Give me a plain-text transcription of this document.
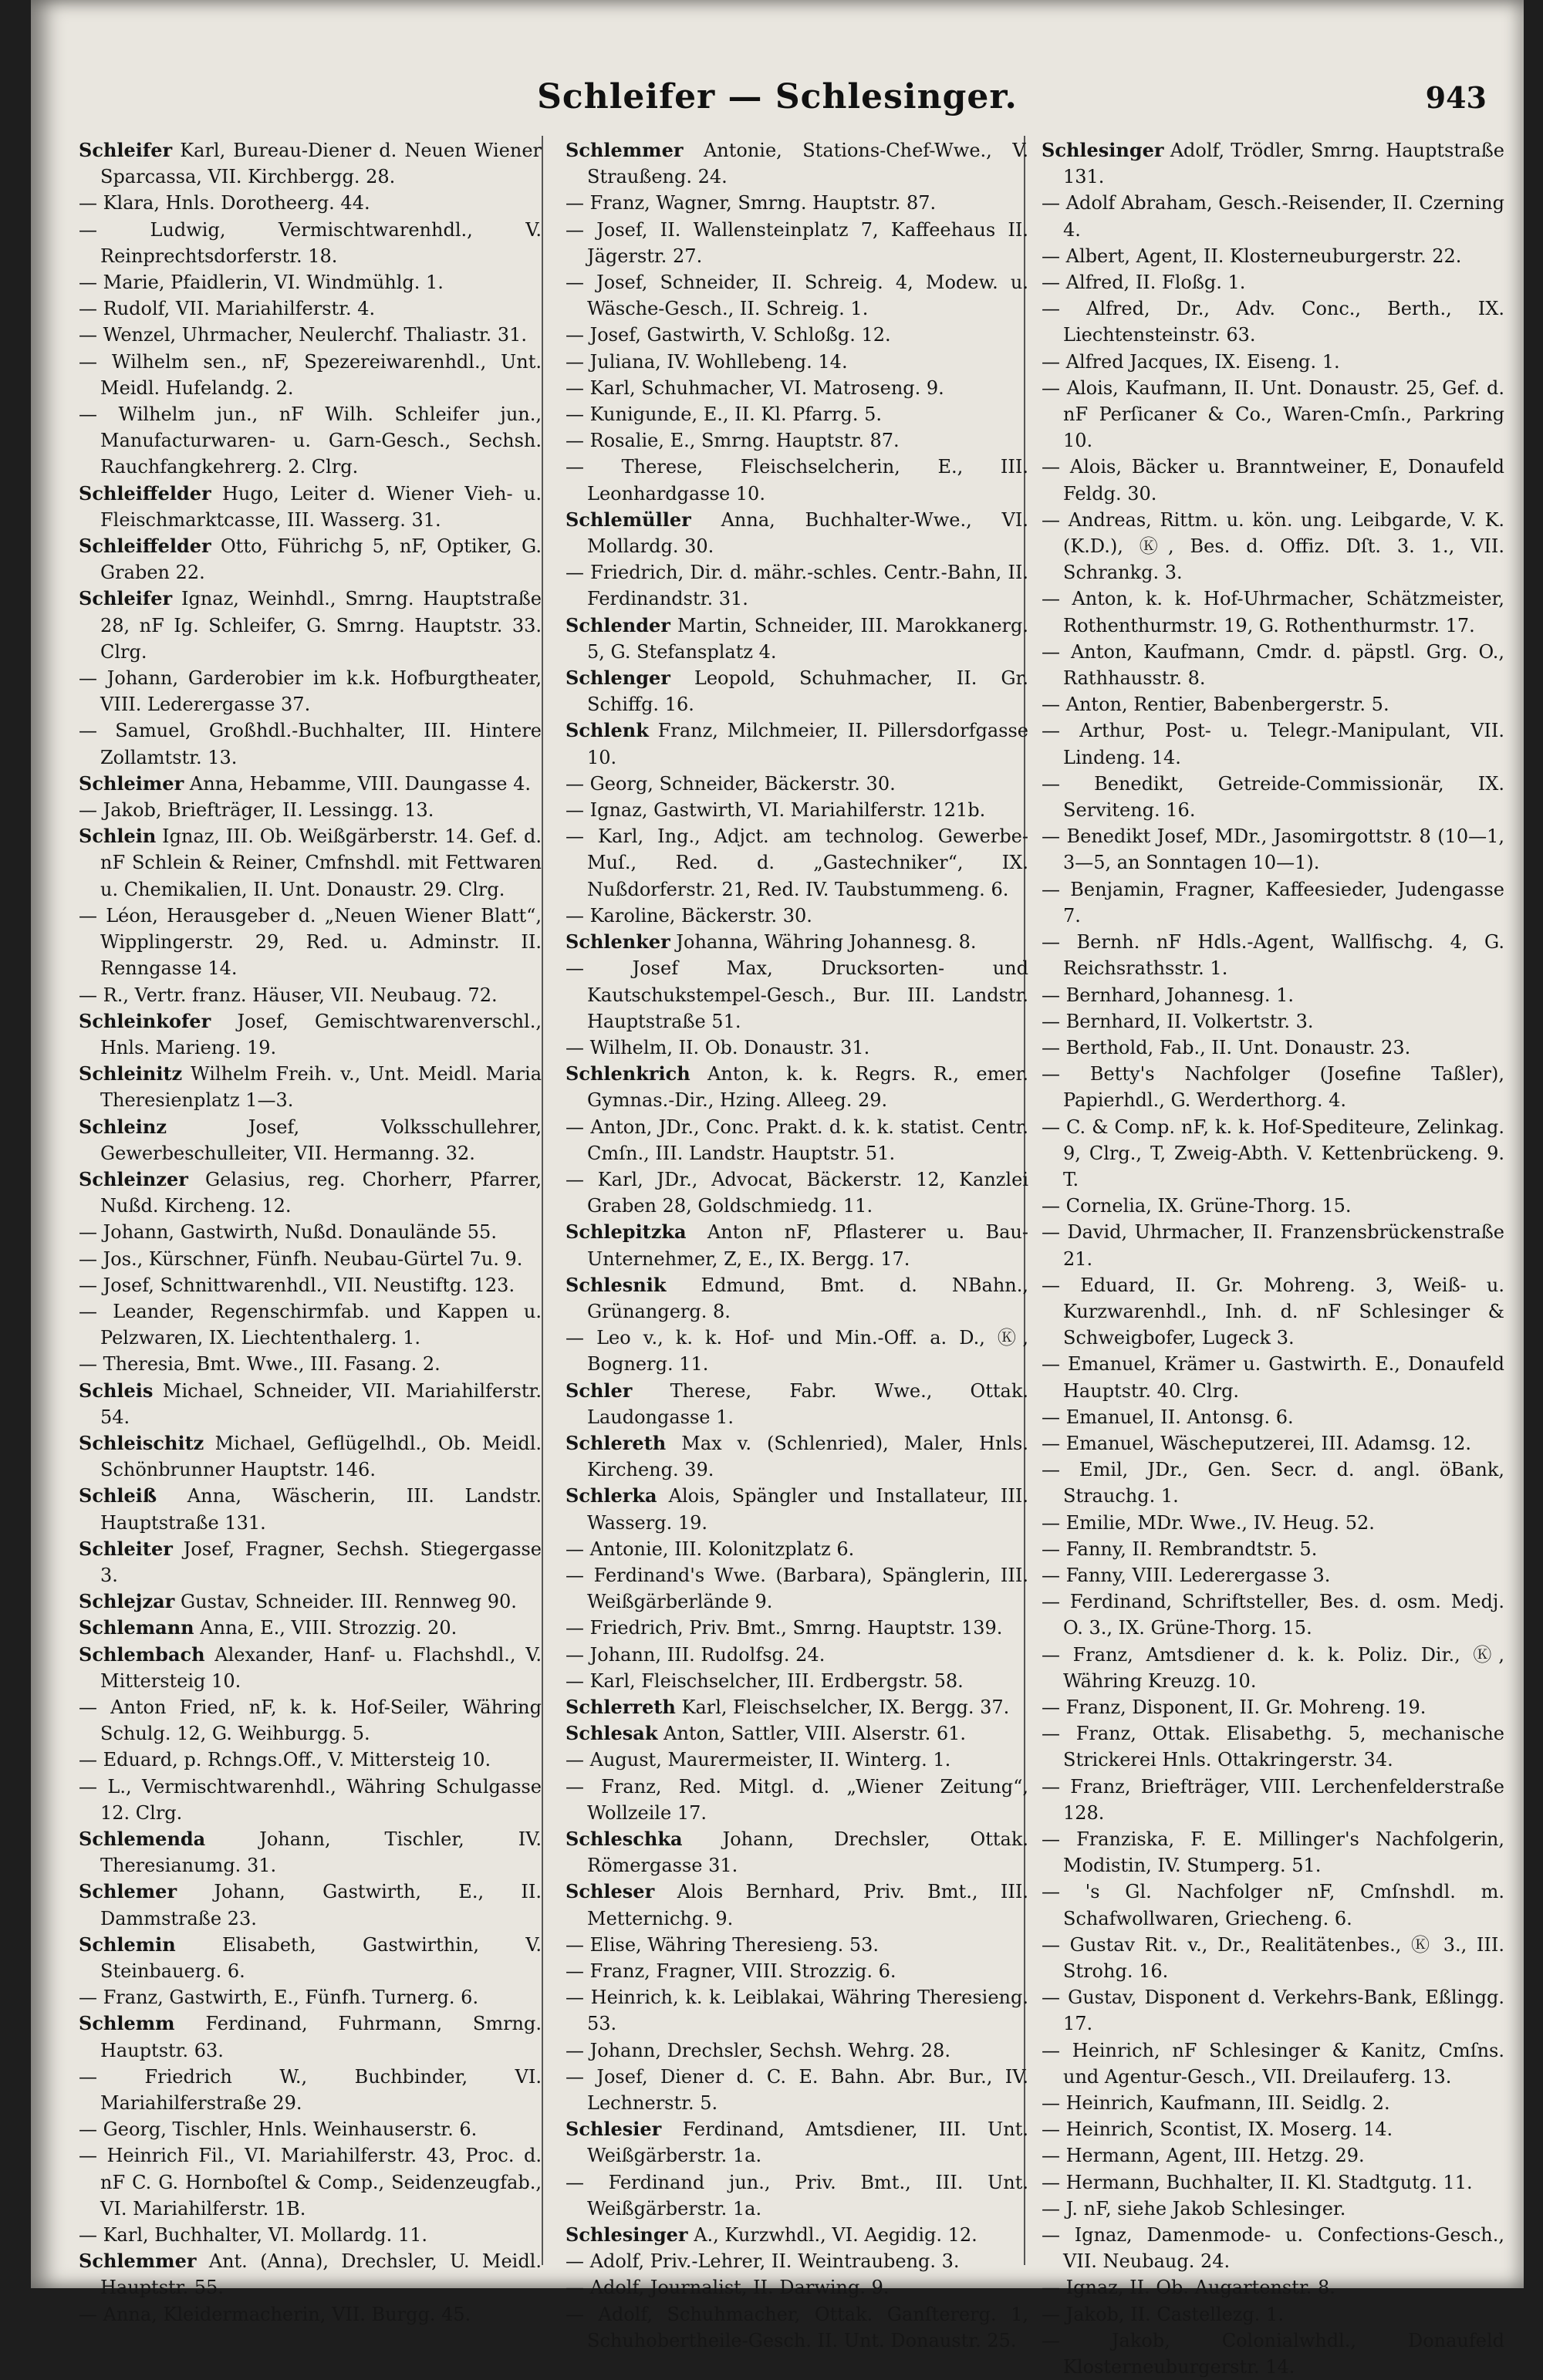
Schleifer — Schlesinger.	943
Schleifer Karl, Bureau-Diener d. Neuen Wiener Sparcassa, VII. Kirchbergg. 28.
— Klara, Hnls. Dorotheerg. 44.
— Ludwig, Vermischtwarenhdl., V. Reinprechtsdorferstr. 18.
— Marie, Pfaidlerin, VI. Windmühlg. 1.
— Rudolf, VII. Mariahilferstr. 4.
— Wenzel, Uhrmacher, Neulerchf. Thaliastr. 31.
— Wilhelm sen., nF, Spezereiwarenhdl., Unt. Meidl. Hufelandg. 2.
— Wilhelm jun., nF Wilh. Schleifer jun., Manufacturwaren- u. Garn-Gesch., Sechsh. Rauchfangkehrerg. 2. Clrg.
Schleiffelder Hugo, Leiter d. Wiener Vieh- u. Fleischmarktcasse, III. Wasserg. 31.
Schleiffelder Otto, Führichg 5, nF, Optiker, G. Graben 22.
Schleifer Ignaz, Weinhdl., Smrng. Hauptstraße 28, nF Ig. Schleifer, G. Smrng. Hauptstr. 33. Clrg.
— Johann, Garderobier im k.k. Hofburgtheater, VIII. Lederergasse 37.
— Samuel, Großhdl.-Buchhalter, III. Hintere Zollamtstr. 13.
Schleimer Anna, Hebamme, VIII. Daungasse 4.
— Jakob, Briefträger, II. Lessingg. 13.
Schlein Ignaz, III. Ob. Weißgärberstr. 14. Gef. d. nF Schlein & Reiner, Cmfnshdl. mit Fettwaren u. Chemikalien, II. Unt. Donaustr. 29. Clrg.
— Léon, Herausgeber d. „Neuen Wiener Blatt“, Wipplingerstr. 29, Red. u. Adminstr. II. Renngasse 14.
— R., Vertr. franz. Häuser, VII. Neubaug. 72.
Schleinkofer Josef, Gemischtwarenverschl., Hnls. Marieng. 19.
Schleinitz Wilhelm Freih. v., Unt. Meidl. Maria Theresienplatz 1—3.
Schleinz	Josef, Volksschullehrer, Gewerbeschulleiter, VII. Hermanng. 32.
Schleinzer Gelasius, reg. Chorherr, Pfarrer, Nußd. Kircheng. 12.
— Johann, Gastwirth, Nußd. Donaulände 55.
— Jos., Kürschner, Fünfh. Neubau-Gürtel 7u. 9.
— Josef, Schnittwarenhdl., VII. Neustiftg. 123.
— Leander, Regenschirmfab. und Kappen u. Pelzwaren, IX. Liechtenthalerg. 1.
— Theresia, Bmt. Wwe., III. Fasang. 2.
Schleis Michael, Schneider, VII. Mariahilferstr. 54.
Schleischitz Michael, Geflügelhdl., Ob. Meidl. Schönbrunner Hauptstr. 146.
Schleiß Anna, Wäscherin, III. Landstr. Hauptstraße 131.
Schleiter Josef, Fragner, Sechsh. Stiegergasse 3.
Schlejzar Gustav, Schneider. III. Rennweg 90.
Schlemann Anna, E., VIII. Strozzig. 20.
Schlembach Alexander, Hanf- u. Flachshdl., V. Mittersteig 10.
— Anton Fried, nF, k. k. Hof-Seiler, Währing Schulg. 12, G. Weihburgg. 5.
— Eduard, p. Rchngs.Off., V. Mittersteig 10.
— L., Vermischtwarenhdl., Währing Schulgasse 12. Clrg.
Schlemenda	Johann, Tischler, IV. Theresianumg. 31.
Schlemer Johann, Gastwirth, E., II. Dammstraße 23.
Schlemin	Elisabeth, Gastwirthin, V. Steinbauerg. 6.
— Franz, Gastwirth, E., Fünfh. Turnerg. 6.
Schlemm Ferdinand, Fuhrmann, Smrng. Hauptstr. 63.
— Friedrich W., Buchbinder, VI. Mariahilferstraße 29.
— Georg, Tischler, Hnls. Weinhauserstr. 6.
— Heinrich Fil., VI. Mariahilferstr. 43, Proc. d. nF C. G. Hornboſtel & Comp., Seidenzeugfab., VI. Mariahilferstr. 1B.
— Karl, Buchhalter, VI. Mollardg. 11.
Schlemmer Ant. (Anna), Drechsler, U. Meidl. Hauptstr. 55.
— Anna, Kleidermacherin, VII. Burgg. 45.
Schlemmer Antonie, Stations-Chef-Wwe., V. Straußeng. 24.
— Franz, Wagner, Smrng. Hauptstr. 87.
— Josef, II. Wallensteinplatz 7, Kaffeehaus II. Jägerstr. 27.
— Josef, Schneider, II. Schreig. 4, Modew. u. Wäsche-Gesch., II. Schreig. 1.
— Josef, Gastwirth, V. Schloßg. 12.
— Juliana, IV. Wohllebeng. 14.
— Karl, Schuhmacher, VI. Matroseng. 9.
— Kunigunde, E., II. Kl. Pfarrg. 5.
— Rosalie, E., Smrng. Hauptstr. 87.
— Therese, Fleischselcherin, E., III. Leonhardgasse 10.
Schlemüller Anna, Buchhalter-Wwe., VI. Mollardg. 30.
— Friedrich, Dir. d. mähr.-schles. Centr.-Bahn, II. Ferdinandstr. 31.
Schlender Martin, Schneider, III. Marokkanerg. 5, G. Stefansplatz 4.
Schlenger Leopold, Schuhmacher, II. Gr. Schiffg. 16.
Schlenk Franz, Milchmeier, II. Pillersdorfgasse 10.
— Georg, Schneider, Bäckerstr. 30.
— Ignaz, Gastwirth, VI. Mariahilferstr. 121b.
— Karl, Ing., Adjct. am technolog. Gewerbe-Muſ., Red. d. „Gastechniker“, IX. Nußdorferstr. 21, Red. IV. Taubstummeng. 6.
— Karoline, Bäckerstr. 30.
Schlenker Johanna, Währing Johannesg. 8.
— Josef Max, Drucksorten- und Kautschukstempel-Gesch., Bur. III. Landstr. Hauptstraße 51.
— Wilhelm, II. Ob. Donaustr. 31.
Schlenkrich Anton, k. k. Regrs. R., emer. Gymnas.-Dir., Hzing. Alleeg. 29.
— Anton, JDr., Conc. Prakt. d. k. k. statist. Centr. Cmſn., III. Landstr. Hauptstr. 51.
— Karl, JDr., Advocat, Bäckerstr. 12, Kanzlei Graben 28, Goldschmiedg. 11.
Schlepitzka Anton nF, Pflasterer u. Bau-Unternehmer, Z, E., IX. Bergg. 17.
Schlesnik Edmund, Bmt. d. NBahn., Grünangerg. 8.
— Leo v., k. k. Hof- und Min.-Off. a. D., Ⓚ, Bognerg. 11.
Schler Therese, Fabr. Wwe., Ottak. Laudongasse 1.
Schlereth Max v. (Schlenried), Maler, Hnls. Kircheng. 39.
Schlerka Alois, Spängler und Installateur, III. Wasserg. 19.
— Antonie, III. Kolonitzplatz 6.
— Ferdinand's Wwe. (Barbara), Spänglerin, III. Weißgärberlände 9.
— Friedrich, Priv. Bmt., Smrng. Hauptstr. 139.
— Johann, III. Rudolfsg. 24.
— Karl, Fleischselcher, III. Erdbergstr. 58.
Schlerreth Karl, Fleischselcher, IX. Bergg. 37.
Schlesak Anton, Sattler, VIII. Alserstr. 61.
— August, Maurermeister, II. Winterg. 1.
— Franz, Red. Mitgl. d. „Wiener Zeitung“, Wollzeile 17.
Schleschka Johann, Drechsler, Ottak. Römergasse 31.
Schleser Alois Bernhard, Priv. Bmt., III. Metternichg. 9.
— Elise, Währing Theresieng. 53.
— Franz, Fragner, VIII. Strozzig. 6.
— Heinrich, k. k. Leiblakai, Währing Theresieng. 53.
— Johann, Drechsler, Sechsh. Wehrg. 28.
— Josef, Diener d. C. E. Bahn. Abr. Bur., IV. Lechnerstr. 5.
Schlesier Ferdinand, Amtsdiener, III. Unt. Weißgärberstr. 1a.
— Ferdinand jun., Priv. Bmt., III. Unt. Weißgärberstr. 1a.
Schlesinger A., Kurzwhdl., VI. Aegidig. 12.
— Adolf, Priv.-Lehrer, II. Weintraubeng. 3.
— Adolf, Journalist, II. Darwing. 9.
— Adolf, Schuhmacher, Ottak. Ganſtererg. 1, Schuhobertheile-Gesch. II. Unt. Donaustr. 25.
Schlesinger Adolf, Trödler, Smrng. Hauptstraße 131.
— Adolf Abraham, Gesch.-Reisender, II. Czerning 4.
— Albert, Agent, II. Klosterneuburgerstr. 22.
— Alfred, II. Floßg. 1.
— Alfred, Dr., Adv. Conc., Berth., IX. Liechtensteinstr. 63.
— Alfred Jacques, IX. Eiseng. 1.
— Alois, Kaufmann, II. Unt. Donaustr. 25, Gef. d. nF Perſicaner & Co., Waren-Cmſn., Parkring 10.
— Alois, Bäcker u. Branntweiner, E, Donaufeld Feldg. 30.
— Andreas, Rittm. u. kön. ung. Leibgarde, V. K. (K.D.), Ⓚ, Bes. d. Offiz. Dſt. 3. 1., VII. Schrankg. 3.
— Anton, k. k. Hof-Uhrmacher, Schätzmeister, Rothenthurmstr. 19, G. Rothenthurmstr. 17.
— Anton, Kaufmann, Cmdr. d. päpstl. Grg. O., Rathhausstr. 8.
— Anton, Rentier, Babenbergerstr. 5.
— Arthur, Post- u. Telegr.-Manipulant, VII. Lindeng. 14.
— Benedikt, Getreide-Commissionär, IX. Serviteng. 16.
— Benedikt Josef, MDr., Jasomirgottstr. 8 (10—1, 3—5, an Sonntagen 10—1).
— Benjamin, Fragner, Kaffeesieder, Judengasse 7.
— Bernh. nF Hdls.-Agent, Wallfischg. 4, G. Reichsrathsstr. 1.
— Bernhard, Johannesg. 1.
— Bernhard, II. Volkertstr. 3.
— Berthold, Fab., II. Unt. Donaustr. 23.
— Betty's Nachfolger (Josefine Taßler), Papierhdl., G. Werderthorg. 4.
— C. & Comp. nF, k. k. Hof-Spediteure, Zelinkag. 9, Clrg., T, Zweig-Abth. V. Kettenbrückeng. 9. T.
— Cornelia, IX. Grüne-Thorg. 15.
— David, Uhrmacher, II. Franzensbrückenstraße 21.
— Eduard, II. Gr. Mohreng. 3, Weiß- u. Kurzwarenhdl., Inh. d. nF Schlesinger & Schweigbofer, Lugeck 3.
— Emanuel, Krämer u. Gastwirth. E., Donaufeld Hauptstr. 40. Clrg.
— Emanuel, II. Antonsg. 6.
— Emanuel, Wäscheputzerei, III. Adamsg. 12.
— Emil, JDr., Gen. Secr. d. angl. öBank, Strauchg. 1.
— Emilie, MDr. Wwe., IV. Heug. 52.
— Fanny, II. Rembrandtstr. 5.
— Fanny, VIII. Lederergasse 3.
— Ferdinand, Schriftsteller, Bes. d. osm. Medj. O. 3., IX. Grüne-Thorg. 15.
— Franz, Amtsdiener d. k. k. Poliz. Dir., Ⓚ, Währing Kreuzg. 10.
— Franz, Disponent, II. Gr. Mohreng. 19.
— Franz, Ottak. Elisabethg. 5, mechanische Strickerei Hnls. Ottakringerstr. 34.
— Franz, Briefträger, VIII. Lerchenfelderstraße 128.
— Franziska, F. E. Millinger's Nachfolgerin, Modistin, IV. Stumperg. 51.
— 's Gl. Nachfolger nF, Cmſnshdl. m. Schafwollwaren, Griecheng. 6.
— Gustav Rit. v., Dr., Realitätenbes., Ⓚ 3., III. Strohg. 16.
— Gustav, Disponent d. Verkehrs-Bank, Eßlingg. 17.
— Heinrich, nF Schlesinger & Kanitz, Cmſns. und Agentur-Gesch., VII. Dreilauferg. 13.
— Heinrich, Kaufmann, III. Seidlg. 2.
— Heinrich, Scontist, IX. Moserg. 14.
— Hermann, Agent, III. Hetzg. 29.
— Hermann, Buchhalter, II. Kl. Stadtgutg. 11.
— J. nF, siehe Jakob Schlesinger.
— Ignaz, Damenmode- u. Confections-Gesch., VII. Neubaug. 24.
— Ignaz, II. Ob. Augartenstr. 8.
— Jakob, II. Castellezg. 1.
— Jakob, Colonialwhdl., Donaufeld Klosterneuburgerstr. 14.
